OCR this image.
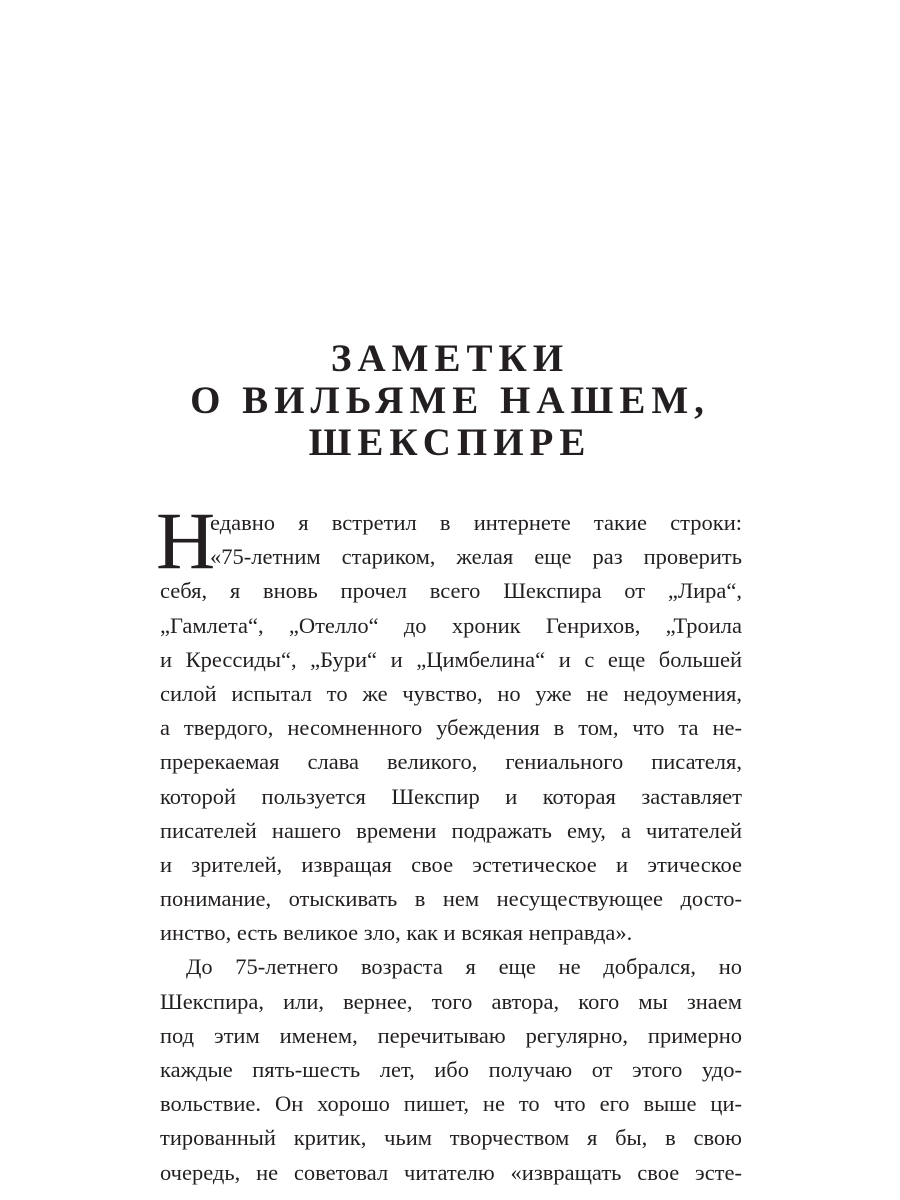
ЗАМЕТКИ
О ВИЛЬЯМЕ НАШЕМ,
ШЕКСПИРЕ
Н
едавно я встретил в интернете такие строки:
«75-летним стариком, желая еще раз проверить
себя, я вновь прочел всего Шекспира от „Лира“,
„Гамлета“, „Отелло“ до хроник Генрихов, „Троила
и Крессиды“, „Бури“ и „Цимбелина“ и с еще большей
силой испытал то же чувство, но уже не недоумения,
а твердого, несомненного убеждения в том, что та не-
пререкаемая слава великого, гениального писателя,
которой пользуется Шекспир и которая заставляет
писателей нашего времени подражать ему, а читателей
и зрителей, извращая свое эстетическое и этическое
понимание, отыскивать в нем несуществующее досто-
инство, есть великое зло, как и всякая неправда».
До 75-летнего возраста я еще не добрался, но
Шекспира, или, вернее, того автора, кого мы знаем
под этим именем, перечитываю регулярно, примерно
каждые пять-шесть лет, ибо получаю от этого удо-
вольствие. Он хорошо пишет, не то что его выше ци-
тированный критик, чьим творчеством я бы, в свою
очередь, не советовал читателю «извращать свое эсте-
